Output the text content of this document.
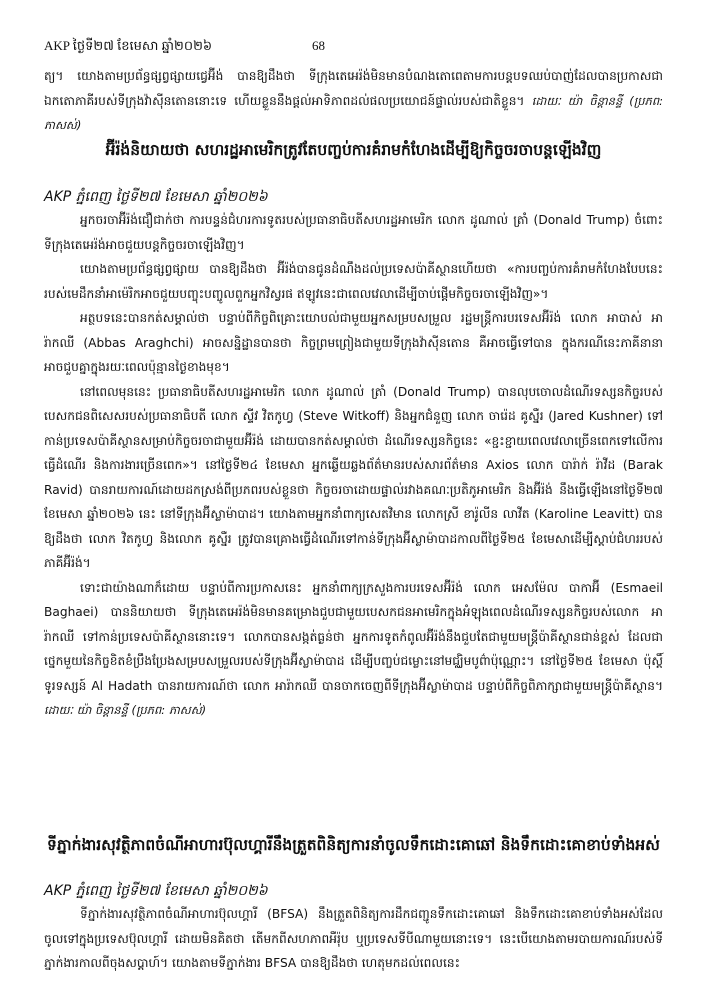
AKP ថ្ងៃទី២៧ ខែមេសា ឆ្នាំ២០២៦	68

ត្យ។ យោងតាមប្រព័ន្ធផ្សព្វផ្សាយជ្វេអ៊ីង់ បានឱ្យដឹងថា ទីក្រុងតេអេរ៉ង់មិនមានបំណងតោពេតាមការបន្តបទឈប់បាញ់ដែលបានប្រកាសជាឯកតោភាគីរបស់ទីក្រុងវ៉ាស៊ីនតោននោះទេ ហើយខ្លួននឹងផ្តល់អាទិភាពដល់ផលប្រយោជន៍ផ្ទាល់របស់ជាតិខ្លួន។ ដោយៈ យ៉ា ចិន្តានន្ទី (ប្រភព: ភាសស់)

អ៊ីរ៉ង់និយាយថា សហរដ្ឋអាមេរិកត្រូវតែបញ្ចប់ការគំរាមកំហែងដើម្បីឱ្យកិច្ចចរចាបន្តឡើងវិញ

AKP ភ្នំពេញ ថ្ងៃទី២៧ ខែមេសា ឆ្នាំ២០២៦

អ្នកចរចាអ៊ីរ៉ង់ជឿជាក់ថា ការបន្ទន់ជំហរការទូតរបស់ប្រធានាធិបតីសហរដ្ឋអាមេរិក លោក ដូណាល់ ត្រាំ (Donald Trump) ចំពោះទីក្រុងតេអេរ៉ង់អាចជួយបន្តកិច្ចចរចាឡើងវិញ។

យោងតាមប្រព័ន្ធផ្សព្វផ្សាយ បានឱ្យដឹងថា អ៊ីរ៉ង់បានជូនដំណឹងដល់ប្រទេសប៉ាគីស្ថានហើយថា «ការបញ្ចប់ការគំរាមកំហែងបែបនេះរបស់មេដឹកនាំអាម៉េរិកអាចជួយបញ្ចុះបញ្ចូលពួកអ្នកវិស្វរផ ឥឡូវនេះជាពេលវេលាដើម្បីចាប់ផ្តើមកិច្ចចរចាឡើងវិញ»។

អត្ថបទនេះបានកត់សម្គាល់ថា បន្ទាប់ពីកិច្ចពិគ្រោះយោបល់ជាមួយអ្នកសម្របសម្រួល រដ្ឋមន្ត្រីការបរទេសអ៊ីរ៉ង់ លោក អាបាស់ អារ៉ាកឈី (Abbas Araghchi) អាចសន្និដ្ឋានបានថា កិច្ចព្រមព្រៀងជាមួយទីក្រុងវ៉ាស៊ីនតោន គឺអាចធ្វើទៅបាន ក្នុងករណីនេះភាគីនានាអាចជួបគ្នាក្នុងរយៈពេលប៉ុន្មានថ្ងៃខាងមុខ។

នៅពេលមុននេះ ប្រធានាធិបតីសហរដ្ឋអាមេរិក លោក ដូណាល់ ត្រាំ (Donald Trump) បានលុបចោលដំណើរទស្សនកិច្ចរបស់បេសកជនពិសេសរបស់ប្រធានាធិបតី លោក ស្ទីវ វិតកូហ្វ (Steve Witkoff) និងអ្នកជំនួញ លោក ចារ៉េដ គូស្នឺរ (Jared Kushner) ទៅកាន់ប្រទេសប៉ាគីស្ថានសម្រាប់កិច្ចចរចាជាមួយអ៊ីរ៉ង់ ដោយបានកត់សម្គាល់ថា ដំណើរទស្សនកិច្ចនេះ «ខ្ជះខ្ជាយពេលវេលាច្រើនពេកទៅលើការធ្វើដំណើរ និងការងារច្រើនពេក»។ នៅថ្ងៃទី២៤ ខែមេសា អ្នកឆ្លើយឆ្លងព័ត៌មានរបស់សារព័ត៌មាន Axios លោក បារ៉ាក់ រ៉ាវីដ (Barak Ravid) បានរាយការណ៍ដោយដកស្រង់ពីប្រភពរបស់ខ្លួនថា កិច្ចចរចាដោយផ្ទាល់រវាងគណៈប្រតិភូអាមេរិក និងអ៊ីរ៉ង់ នឹងធ្វើឡើងនៅថ្ងៃទី២៧ ខែមេសា ឆ្នាំ២០២៦ នេះ នៅទីក្រុងអ៊ីស្លាម៉ាបាដ។ យោងតាមអ្នកនាំពាក្យសេតវិមាន លោកស្រី ខារ៉ូលីន លាវីត (Karoline Leavitt) បានឱ្យដឹងថា លោក វិតកូហ្វ និងលោក គូស្នឺរ ត្រូវបានគ្រោងធ្វើដំណើរទៅកាន់ទីក្រុងអ៊ីស្លាម៉ាបាដកាលពីថ្ងៃទី២៥ ខែមេសាដើម្បីស្តាប់ជំហររបស់ភាគីអ៊ីរ៉ង់។

ទោះជាយ៉ាងណាក៏ដោយ បន្ទាប់ពីការប្រកាសនេះ អ្នកនាំពាក្យក្រសួងការបរទេសអ៊ីរ៉ង់ លោក អេសម៉ែល បាកាអ៊ី (Esmaeil Baghaei) បាននិយាយថា ទីក្រុងតេអេរ៉ង់មិនមានគម្រោងជួបជាមួយបេសកជនអាមេរិកក្នុងអំឡុងពេលដំណើរទស្សនកិច្ចរបស់លោក អារ៉ាកឈី ទៅកាន់ប្រទេសប៉ាគីស្ថាននោះទេ។ លោកបានសង្កត់ធ្ងន់ថា អ្នកការទូតកំពូលអ៊ីរ៉ង់នឹងជួបតែជាមួយមន្ត្រីប៉ាគីស្ថានជាន់ខ្ពស់ ដែលជាថ្នេកមួយនៃកិច្ចខិតខំប្រឹងប្រែងសម្របសម្រួលរបស់ទីក្រុងអ៊ីស្លាម៉ាបាដ ដើម្បីបញ្ចប់ជម្លោះនៅមជ្ឈិមបូព៌ាប៉ុណ្ណោះ។ នៅថ្ងៃទី២៥ ខែមេសា ប៉ុស្តិ៍ទូរទស្សន៍ Al Hadath បានរាយការណ៍ថា លោក អារ៉ាកឈី បានចាកចេញពីទីក្រុងអ៊ីស្លាម៉ាបាដ បន្ទាប់ពីកិច្ចពិភាក្សាជាមួយមន្ត្រីប៉ាគីស្ថាន។ ដោយៈ យ៉ា ចិន្តានន្ទី (ប្រភព: ភាសស់)

ទីភ្នាក់ងារសុវត្ថិភាពចំណីអាហារប៊ុលហ្គារីនឹងត្រួតពិនិត្យការនាំចូលទឹកដោះគោឆៅ និងទឹកដោះគោខាប់ទាំងអស់

AKP ភ្នំពេញ ថ្ងៃទី២៧ ខែមេសា ឆ្នាំ២០២៦

ទីភ្នាក់ងារសុវត្ថិភាពចំណីអាហារប៊ុលហ្គារី (BFSA) នឹងត្រួតពិនិត្យការដឹកជញ្ជូនទឹកដោះគោឆៅ និងទឹកដោះគោខាប់ទាំងអស់ដែលចូលទៅក្នុងប្រទេសប៊ុលហ្គារី ដោយមិនគិតថា តើមកពីសហភាពអឺរ៉ុប ឬប្រទេសទីបីណាមួយនោះទេ។ នេះបើយោងតាមរបាយការណ៍របស់ទីភ្នាក់ងារកាលពីចុងសប្តាហ៍។ យោងតាមទីភ្នាក់ងារ BFSA បានឱ្យដឹងថា ហេតុមកដល់ពេលនេះ
